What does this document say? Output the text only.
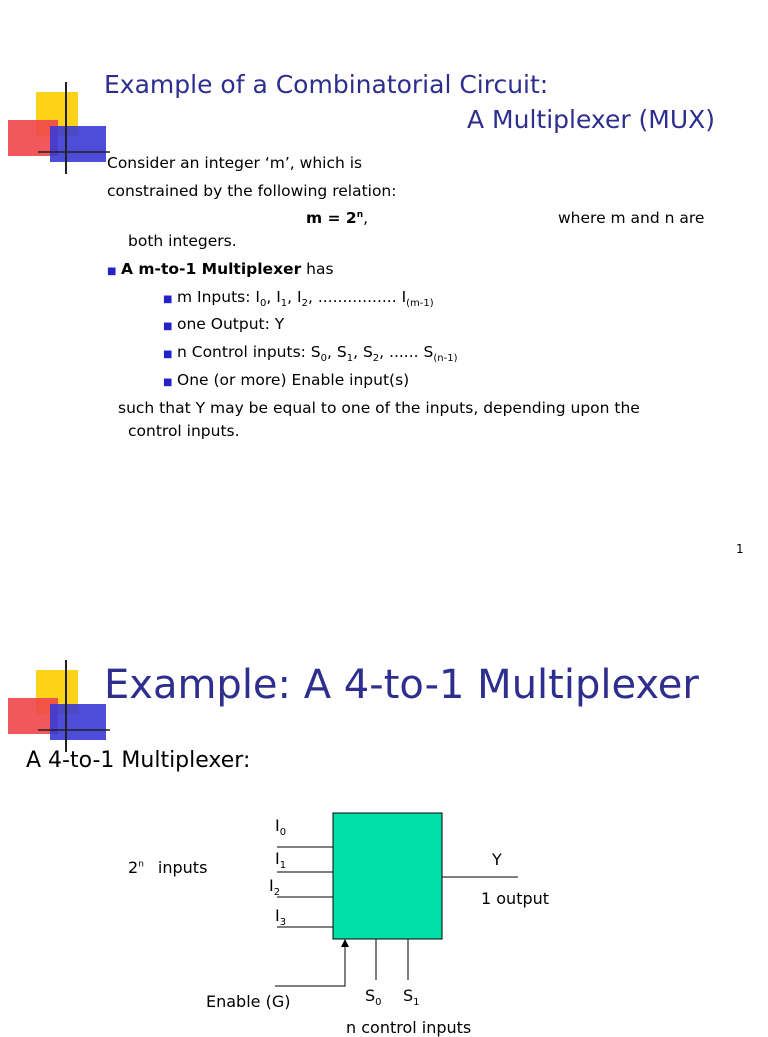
Example of a Combinatorial Circuit:
A Multiplexer (MUX)
Consider an integer ‘m’, which is
constrained by the following relation:
$m = 2^n$,	where m and n are
both integers.
■ A m-to-1 Multiplexer has
■ m Inputs: $I_0$, $I_1$, $I_2$, ................ $I_{(m-1)}$
■ one Output: Y
■ n Control inputs: $S_0$, $S_1$, $S_2$, ...... $S_{(n-1)}$
■ One (or more) Enable input(s)
such that Y may be equal to one of the inputs, depending upon the
control inputs.
1
Example: A 4-to-1 Multiplexer
A 4-to-1 Multiplexer:
$I_0$
$I_1$
$I_2$
$I_3$
2$^n$ inputs	Y
1 output
Enable (G)	$S_0$ $S_1$
n control inputs
